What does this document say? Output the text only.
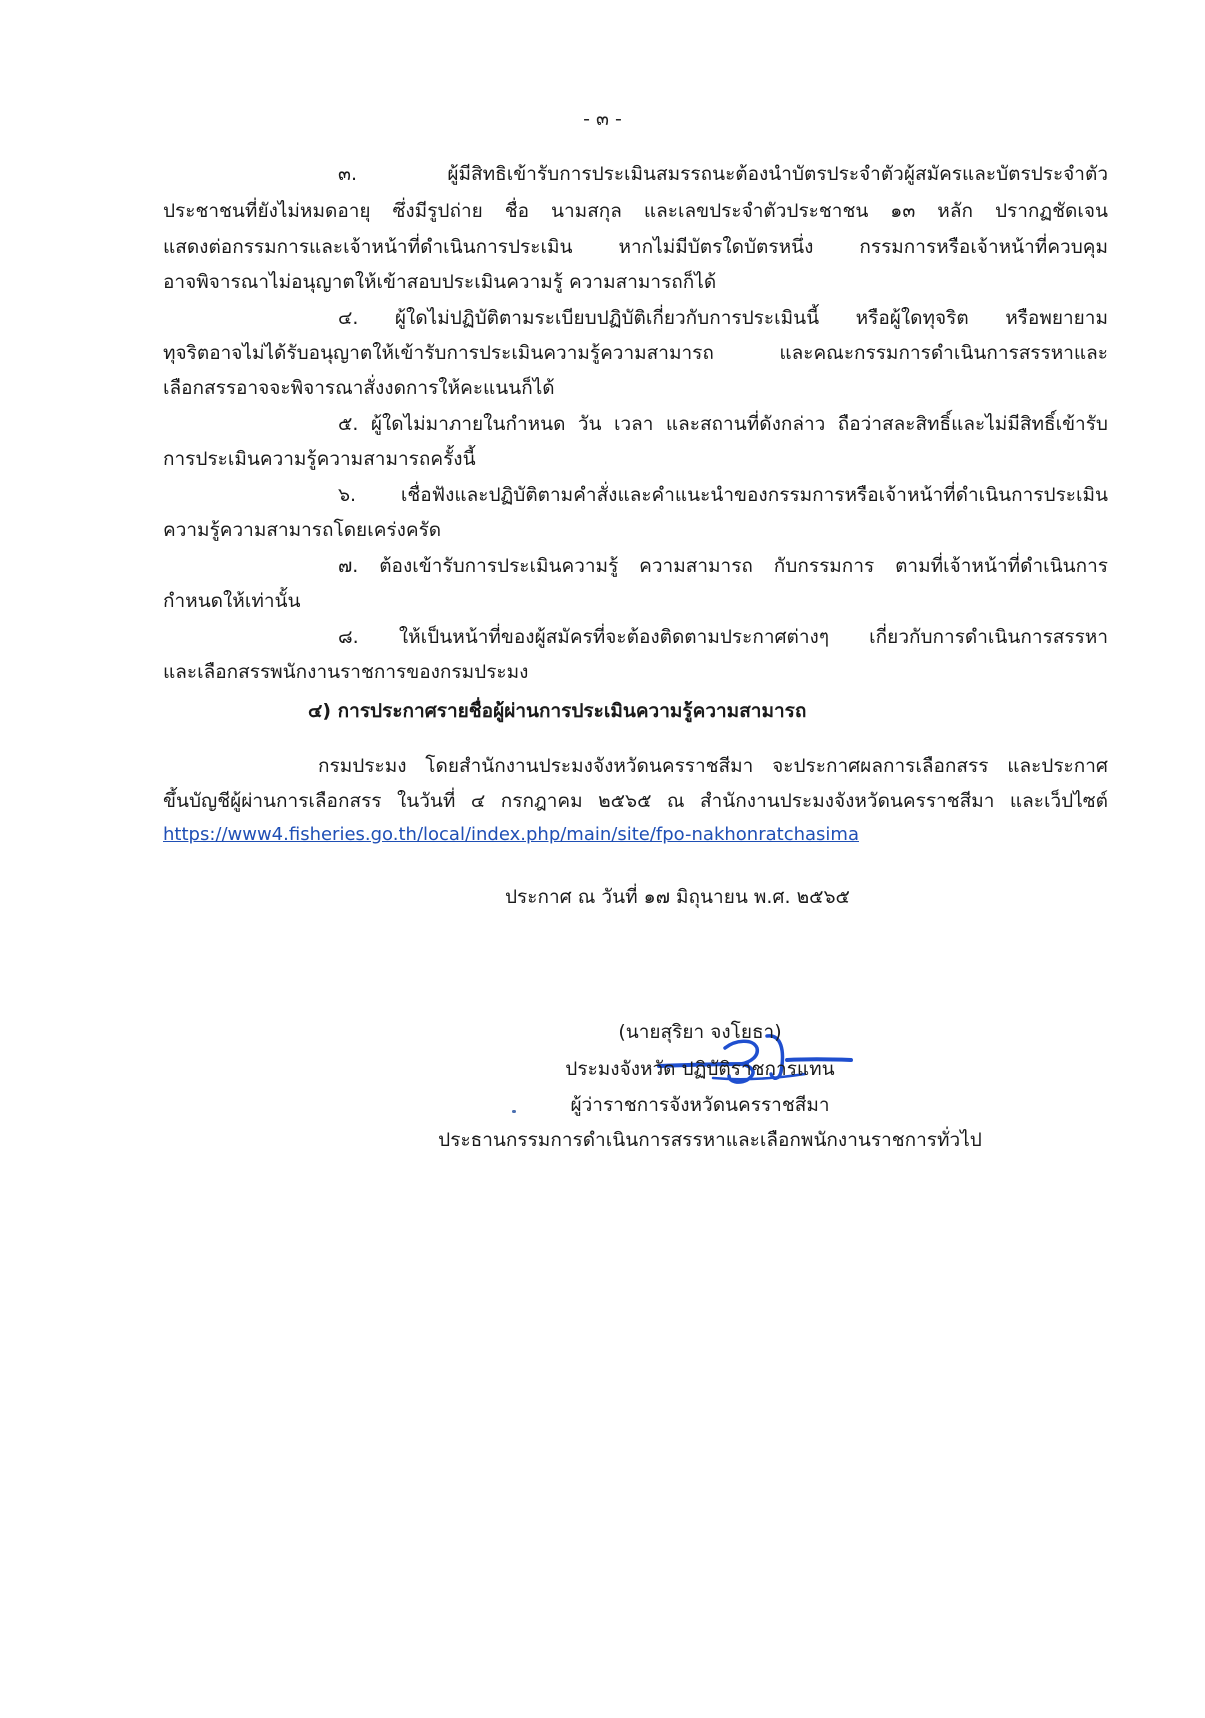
- ๓ -
๓. ผู้มีสิทธิเข้ารับการประเมินสมรรถนะต้องนำบัตรประจำตัวผู้สมัครและบัตรประจำตัว
ประชาชนที่ยังไม่หมดอายุ ซึ่งมีรูปถ่าย ชื่อ นามสกุล และเลขประจำตัวประชาชน ๑๓ หลัก ปรากฏชัดเจน
แสดงต่อกรรมการและเจ้าหน้าที่ดำเนินการประเมิน หากไม่มีบัตรใดบัตรหนึ่ง กรรมการหรือเจ้าหน้าที่ควบคุม
อาจพิจารณาไม่อนุญาตให้เข้าสอบประเมินความรู้ ความสามารถก็ได้
๔. ผู้ใดไม่ปฏิบัติตามระเบียบปฏิบัติเกี่ยวกับการประเมินนี้ หรือผู้ใดทุจริต หรือพยายาม
ทุจริตอาจไม่ได้รับอนุญาตให้เข้ารับการประเมินความรู้ความสามารถ และคณะกรรมการดำเนินการสรรหาและ
เลือกสรรอาจจะพิจารณาสั่งงดการให้คะแนนก็ได้
๕. ผู้ใดไม่มาภายในกำหนด วัน เวลา และสถานที่ดังกล่าว ถือว่าสละสิทธิ์และไม่มีสิทธิ์เข้ารับ
การประเมินความรู้ความสามารถครั้งนี้
๖. เชื่อฟังและปฏิบัติตามคำสั่งและคำแนะนำของกรรมการหรือเจ้าหน้าที่ดำเนินการประเมิน
ความรู้ความสามารถโดยเคร่งครัด
๗. ต้องเข้ารับการประเมินความรู้ ความสามารถ กับกรรมการ ตามที่เจ้าหน้าที่ดำเนินการ
กำหนดให้เท่านั้น
๘. ให้เป็นหน้าที่ของผู้สมัครที่จะต้องติดตามประกาศต่างๆ เกี่ยวกับการดำเนินการสรรหา
และเลือกสรรพนักงานราชการของกรมประมง
๔) การประกาศรายชื่อผู้ผ่านการประเมินความรู้ความสามารถ
กรมประมง โดยสำนักงานประมงจังหวัดนครราชสีมา จะประกาศผลการเลือกสรร และประกาศ
ขึ้นบัญชีผู้ผ่านการเลือกสรร ในวันที่ ๔ กรกฎาคม ๒๕๖๕ ณ สำนักงานประมงจังหวัดนครราชสีมา และเว็ปไซต์
https://www4.fisheries.go.th/local/index.php/main/site/fpo-nakhonratchasima
ประกาศ ณ วันที่ ๑๗ มิถุนายน พ.ศ. ๒๕๖๕
(นายสุริยา จงโยธา)
ประมงจังหวัด ปฏิบัติราชการแทน
ผู้ว่าราชการจังหวัดนครราชสีมา
ประธานกรรมการดำเนินการสรรหาและเลือกพนักงานราชการทั่วไป
